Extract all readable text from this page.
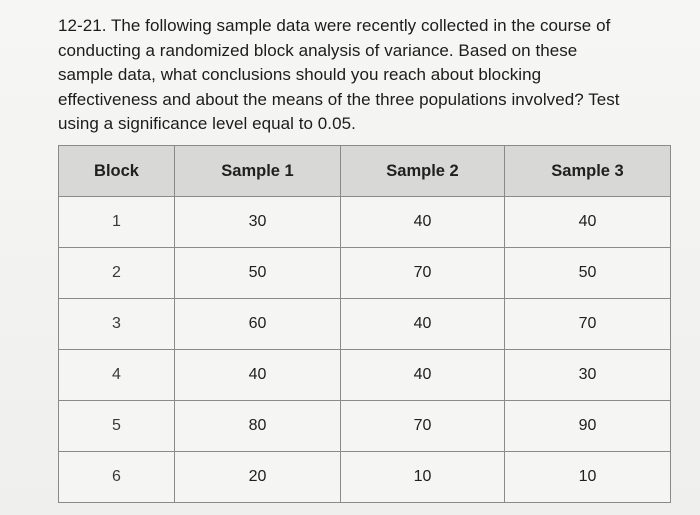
12-21. The following sample data were recently collected in the course of
conducting a randomized block analysis of variance. Based on these
sample data, what conclusions should you reach about blocking
effectiveness and about the means of the three populations involved? Test
using a significance level equal to 0.05.
Block	Sample 1	Sample 2	Sample 3
1	30	40	40
2	50	70	50
3	60	40	70
4	40	40	30
5	80	70	90
6	20	10	10
